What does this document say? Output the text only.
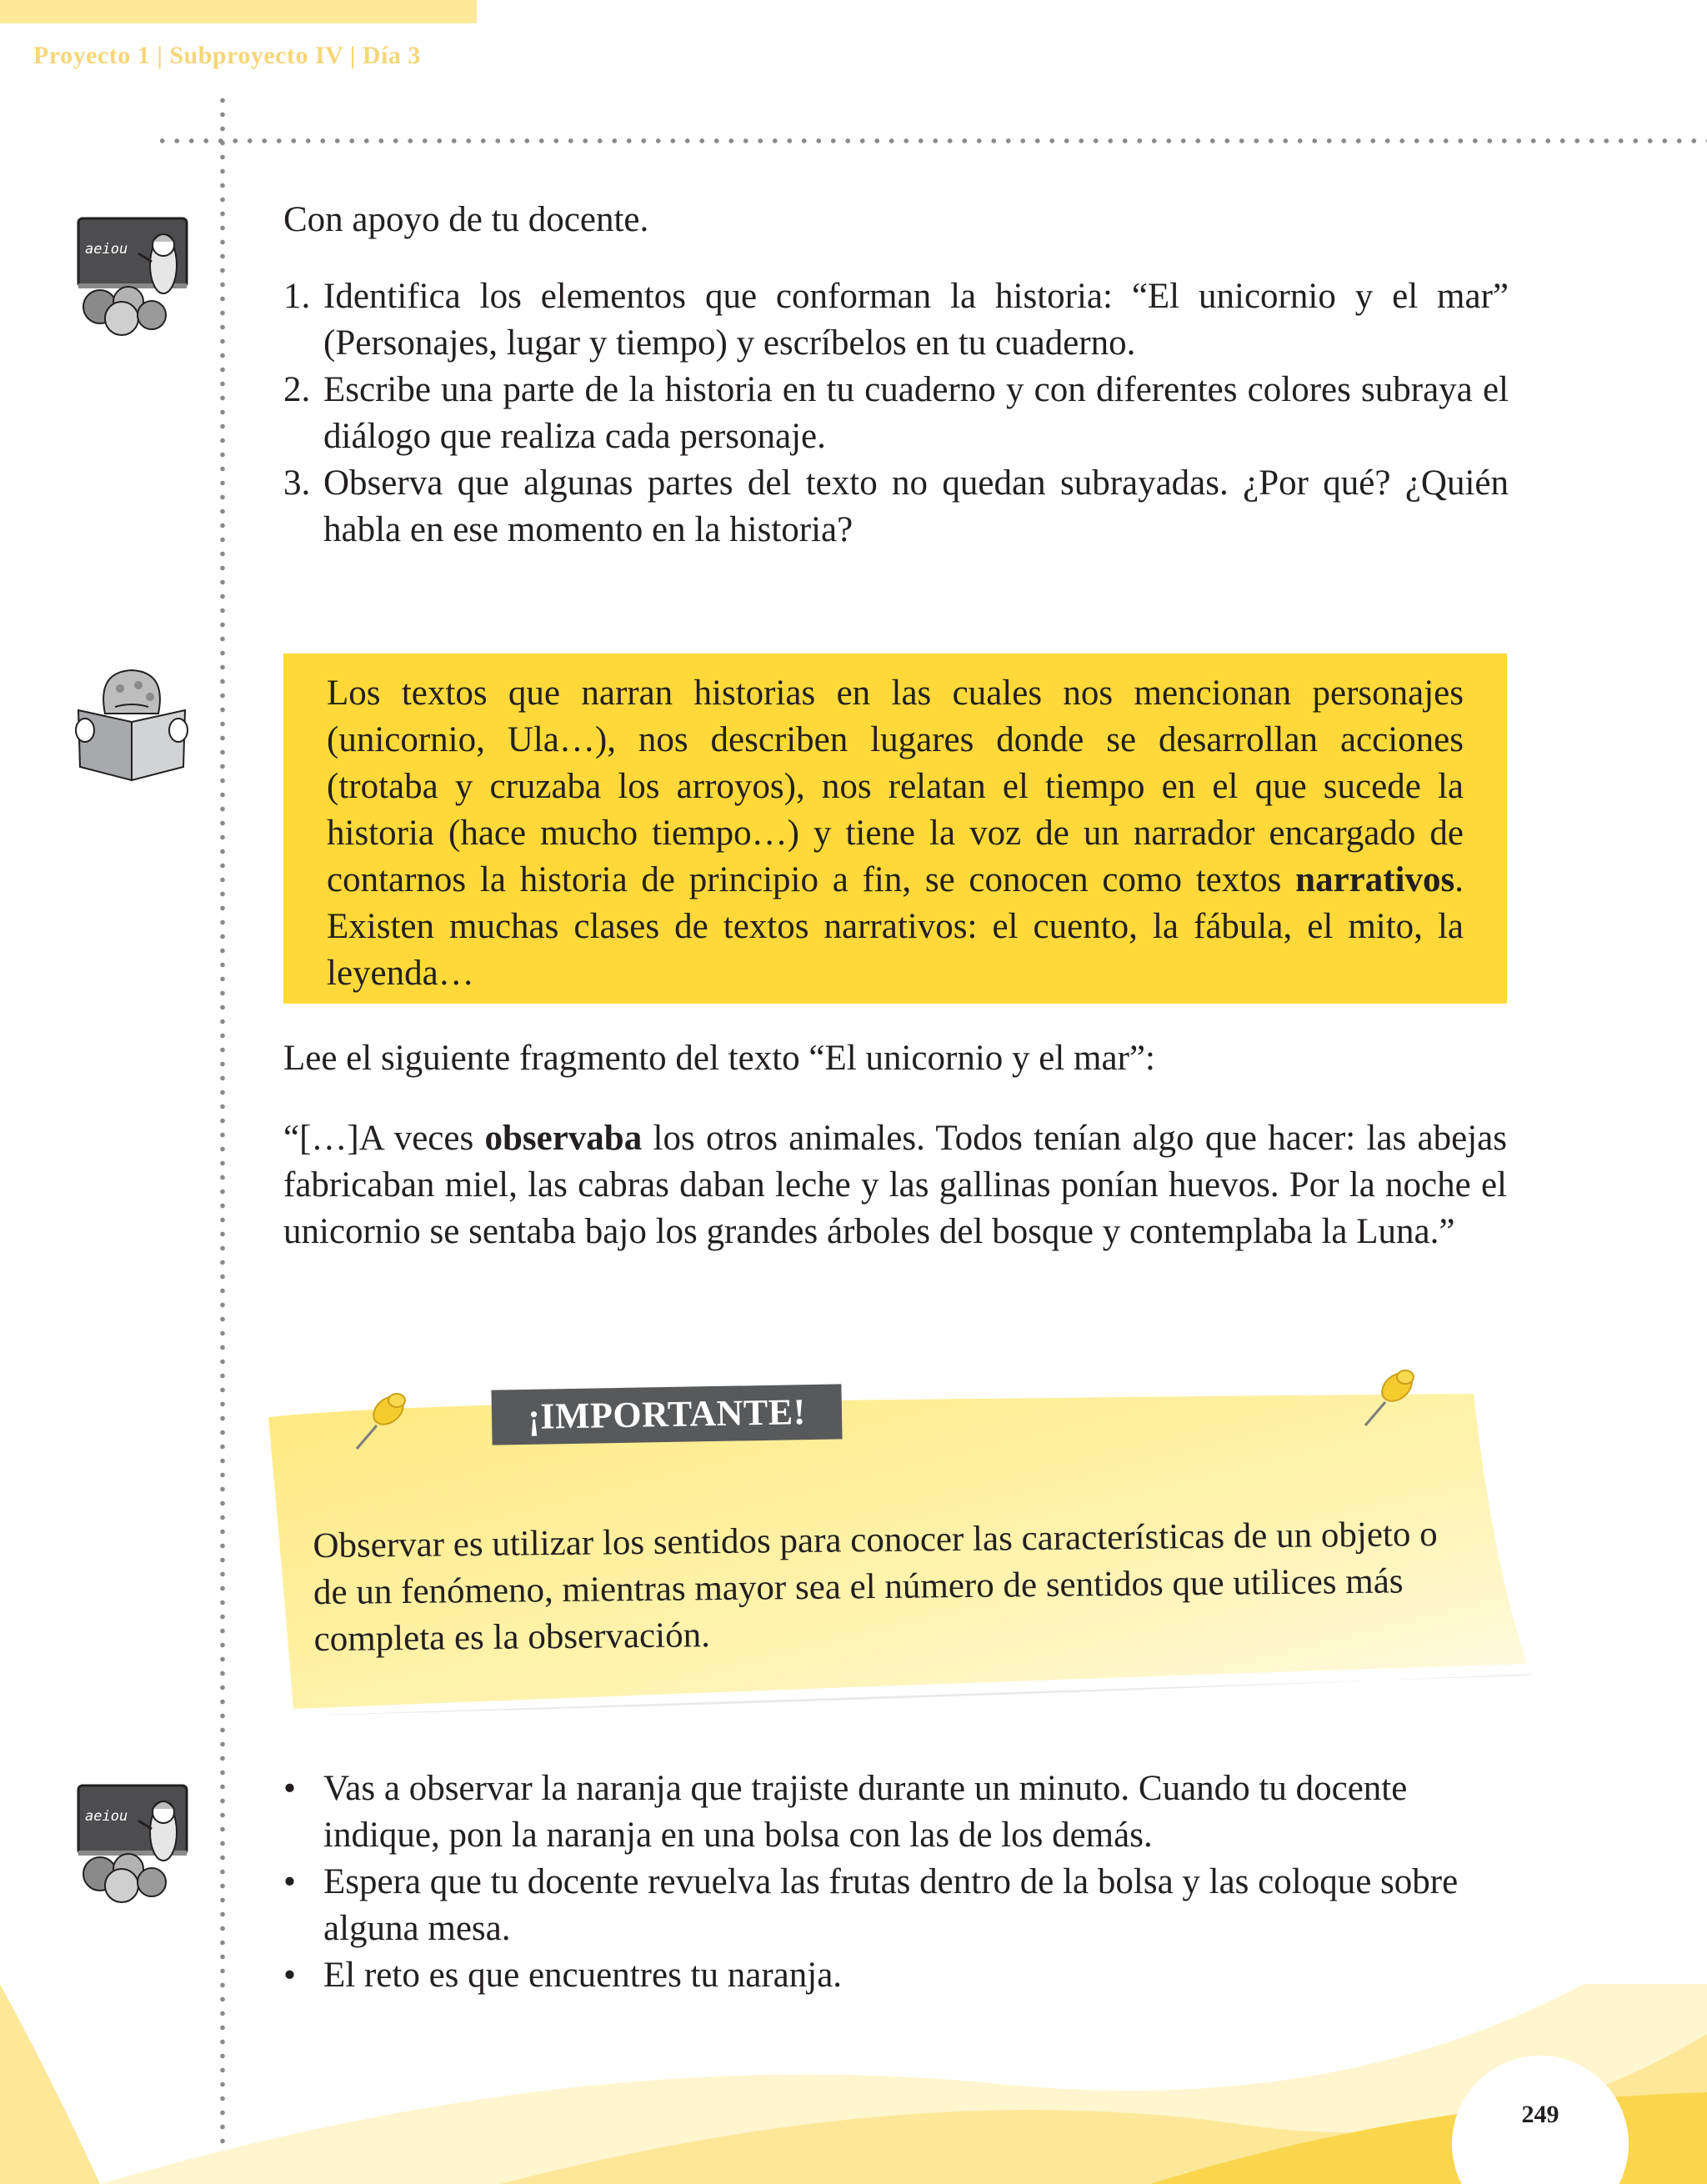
Proyecto 1 | Subproyecto IV | Día 3
aeiou

Con apoyo de tu docente.

1. Identifica los elementos que conforman la historia: “El unicornio y el mar” (Personajes, lugar y tiempo) y escríbelos en tu cuaderno.
2. Escribe una parte de la historia en tu cuaderno y con diferentes colores subraya el diálogo que realiza cada personaje.
3. Observa que algunas partes del texto no quedan subrayadas. ¿Por qué? ¿Quién habla en ese momento en la historia?

Los textos que narran historias en las cuales nos mencionan personajes (unicornio, Ula…), nos describen lugares donde se desarrollan acciones (trotaba y cruzaba los arroyos), nos relatan el tiempo en el que sucede la historia (hace mucho tiempo…) y tiene la voz de un narrador encargado de contarnos la historia de principio a fin, se conocen como textos narrativos. Existen muchas clases de textos narrativos: el cuento, la fábula, el mito, la leyenda…

Lee el siguiente fragmento del texto “El unicornio y el mar”:

“[…]A veces observaba los otros animales. Todos tenían algo que hacer: las abejas fabricaban miel, las cabras daban leche y las gallinas ponían huevos. Por la noche el unicornio se sentaba bajo los grandes árboles del bosque y contemplaba la Luna.”

¡IMPORTANTE!

Observar es utilizar los sentidos para conocer las características de un objeto o de un fenómeno, mientras mayor sea el número de sentidos que utilices más completa es la observación.

aeiou
• Vas a observar la naranja que trajiste durante un minuto. Cuando tu docente indique, pon la naranja en una bolsa con las de los demás.
• Espera que tu docente revuelva las frutas dentro de la bolsa y las coloque sobre alguna mesa.
• El reto es que encuentres tu naranja.
249
